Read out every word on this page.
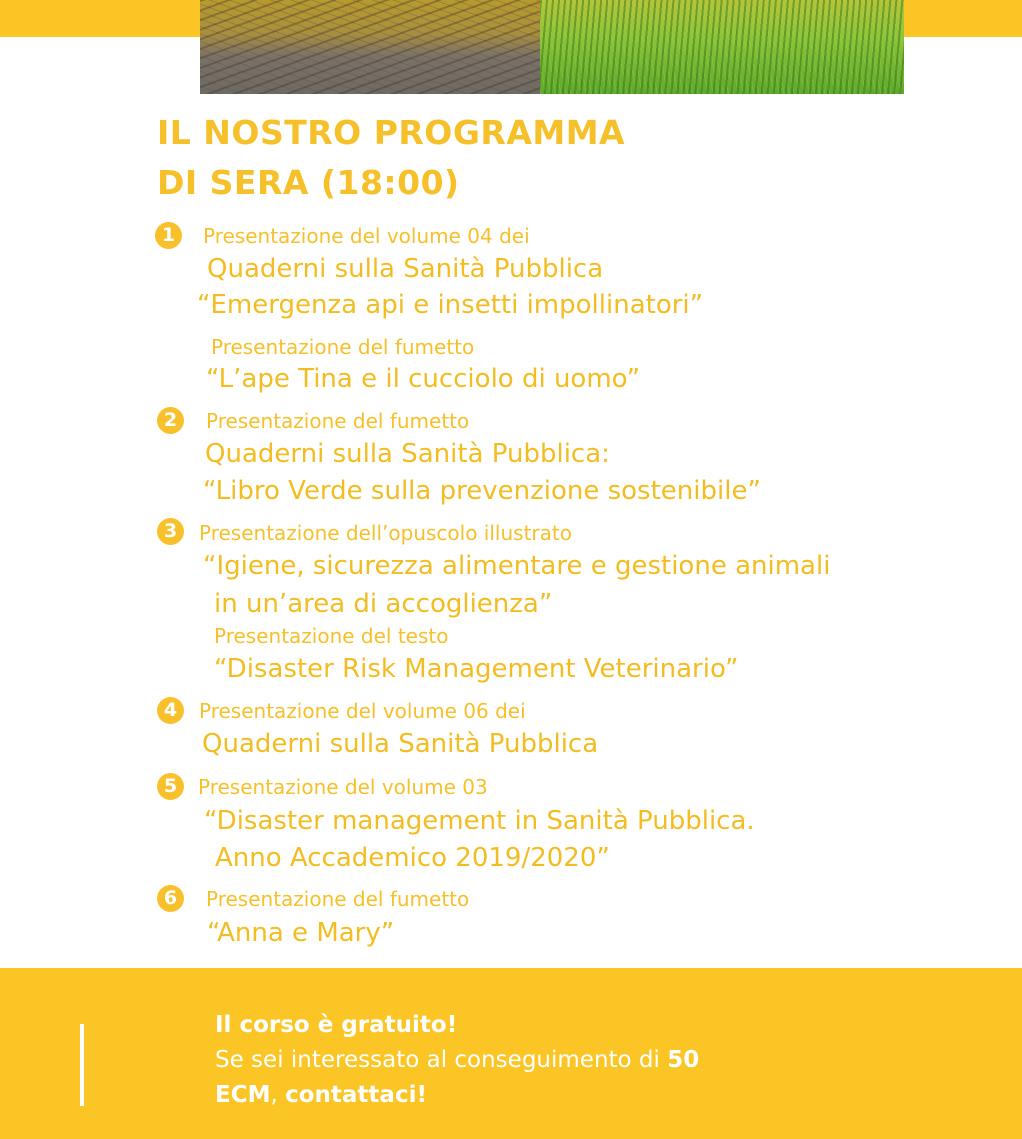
IL NOSTRO PROGRAMMA
DI SERA (18:00)
1	Presentazione del volume 04 dei
Quaderni sulla Sanità Pubblica
“Emergenza api e insetti impollinatori”
Presentazione del fumetto
“L’ape Tina e il cucciolo di uomo”
2	Presentazione del fumetto
Quaderni sulla Sanità Pubblica:
“Libro Verde sulla prevenzione sostenibile”
3	Presentazione dell’opuscolo illustrato
“Igiene, sicurezza alimentare e gestione animali
in un’area di accoglienza”
Presentazione del testo
“Disaster Risk Management Veterinario”
4	Presentazione del volume 06 dei
Quaderni sulla Sanità Pubblica
5	Presentazione del volume 03
“Disaster management in Sanità Pubblica.
Anno Accademico 2019/2020”
6	Presentazione del fumetto
“Anna e Mary”
Il corso è gratuito!
Se sei interessato al conseguimento di 50
ECM, contattaci!
